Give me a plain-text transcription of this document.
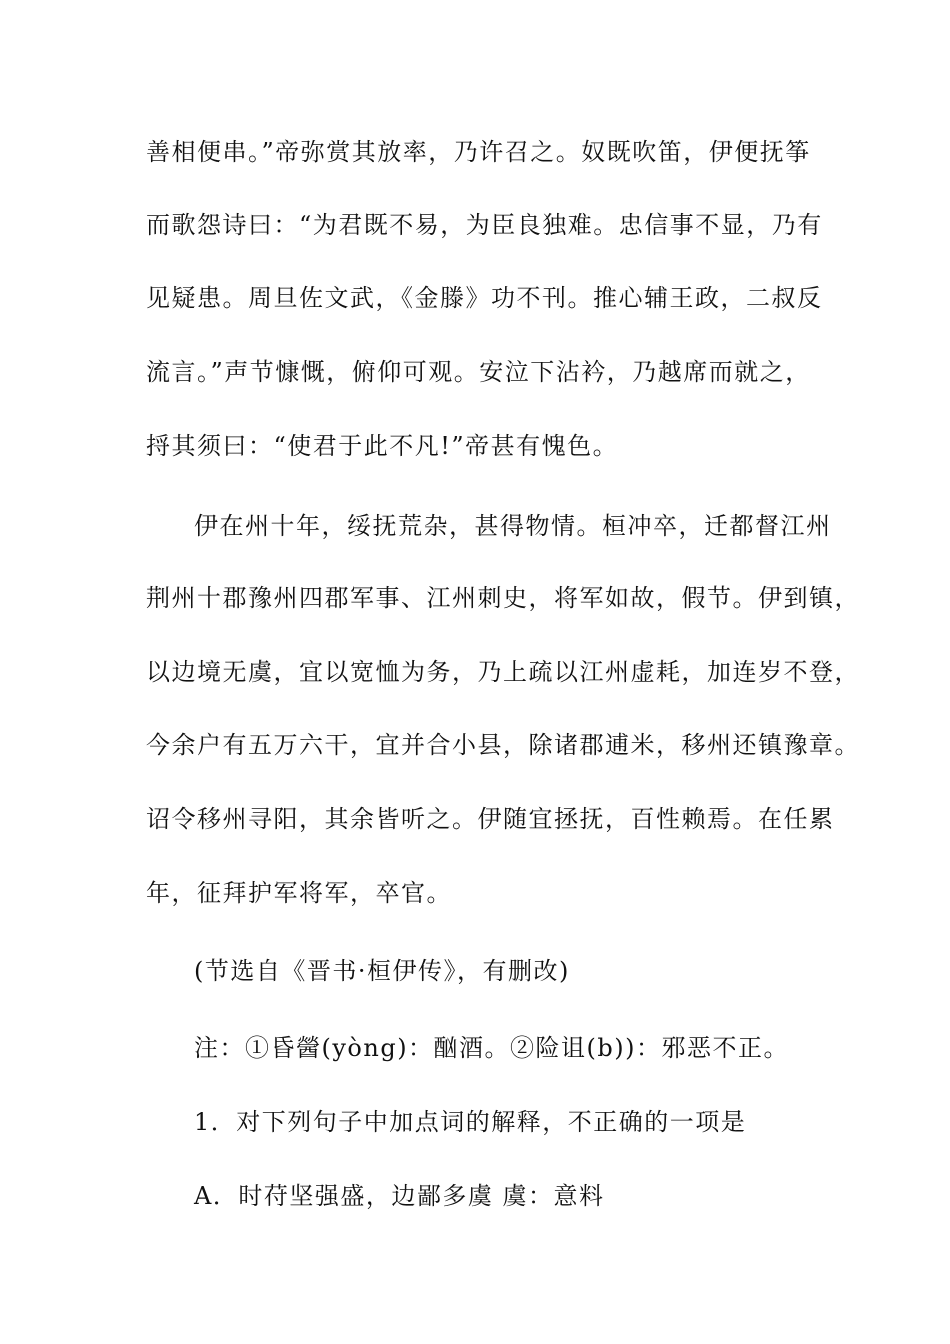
善相便串。”帝弥赏其放率，乃许召之。奴既吹笛，伊便抚筝
而歌怨诗曰：“为君既不易，为臣良独难。忠信事不显，乃有
见疑患。周旦佐文武，《金滕》功不刊。推心辅王政，二叔反
流言。”声节慷慨，俯仰可观。安泣下沾衿，乃越席而就之，
捋其须曰：“使君于此不凡!”帝甚有愧色。
伊在州十年，绥抚荒杂，甚得物情。桓冲卒，迁都督江州
荆州十郡豫州四郡军事、江州刺史，将军如故，假节。伊到镇，
以边境无虞，宜以宽恤为务，乃上疏以江州虚耗，加连岁不登，
今余户有五万六干，宜并合小县，除诸郡逋米，移州还镇豫章。
诏令移州寻阳，其余皆听之。伊随宜拯抚，百性赖焉。在任累
年，征拜护军将军，卒官。
(节选自《晋书·桓伊传》，有删改)
注：①昏醟(yòng)：酗酒。②险诅(b))：邪恶不正。
1．对下列句子中加点词的解释，不正确的一项是
A．时苻坚强盛，边鄙多虞 虞：意料
